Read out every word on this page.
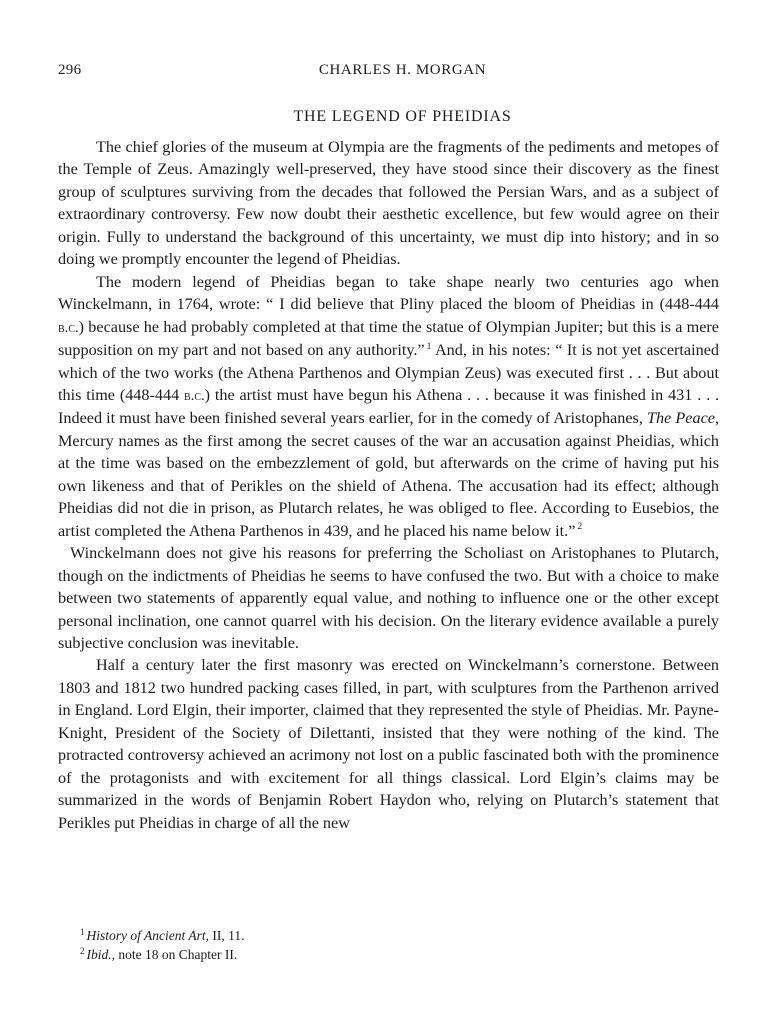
296	CHARLES H. MORGAN
THE LEGEND OF PHEIDIAS

The chief glories of the museum at Olympia are the fragments of the pediments and metopes of the Temple of Zeus. Amazingly well-preserved, they have stood since their discovery as the finest group of sculptures surviving from the decades that followed the Persian Wars, and as a subject of extraordinary controversy. Few now doubt their aesthetic excellence, but few would agree on their origin. Fully to understand the background of this uncertainty, we must dip into history; and in so doing we promptly encounter the legend of Pheidias.

The modern legend of Pheidias began to take shape nearly two centuries ago when Winckelmann, in 1764, wrote: “ I did believe that Pliny placed the bloom of Pheidias in (448-444 b.c.) because he had probably completed at that time the statue of Olympian Jupiter; but this is a mere supposition on my part and not based on any authority.” $^1$ And, in his notes: “ It is not yet ascertained which of the two works (the Athena Parthenos and Olympian Zeus) was executed first . . . But about this time (448-444 b.c.) the artist must have begun his Athena . . . because it was finished in 431 . . . Indeed it must have been finished several years earlier, for in the comedy of Aristophanes, The Peace, Mercury names as the first among the secret causes of the war an accusation against Pheidias, which at the time was based on the embezzlement of gold, but afterwards on the crime of having put his own likeness and that of Perikles on the shield of Athena. The accusation had its effect; although Pheidias did not die in prison, as Plutarch relates, he was obliged to flee. According to Eusebios, the artist completed the Athena Parthenos in 439, and he placed his name below it.” $^2$

Winckelmann does not give his reasons for preferring the Scholiast on Aristophanes to Plutarch, though on the indictments of Pheidias he seems to have confused the two. But with a choice to make between two statements of apparently equal value, and nothing to influence one or the other except personal inclination, one cannot quarrel with his decision. On the literary evidence available a purely subjective conclusion was inevitable.

Half a century later the first masonry was erected on Winckelmann’s cornerstone. Between 1803 and 1812 two hundred packing cases filled, in part, with sculptures from the Parthenon arrived in England. Lord Elgin, their importer, claimed that they represented the style of Pheidias. Mr. Payne-Knight, President of the Society of Dilettanti, insisted that they were nothing of the kind. The protracted controversy achieved an acrimony not lost on a public fascinated both with the prominence of the protagonists and with excitement for all things classical. Lord Elgin’s claims may be summarized in the words of Benjamin Robert Haydon who, relying on Plutarch’s statement that Perikles put Pheidias in charge of all the new

$^1$ History of Ancient Art, II, 11.

$^2$ Ibid., note 18 on Chapter II.
